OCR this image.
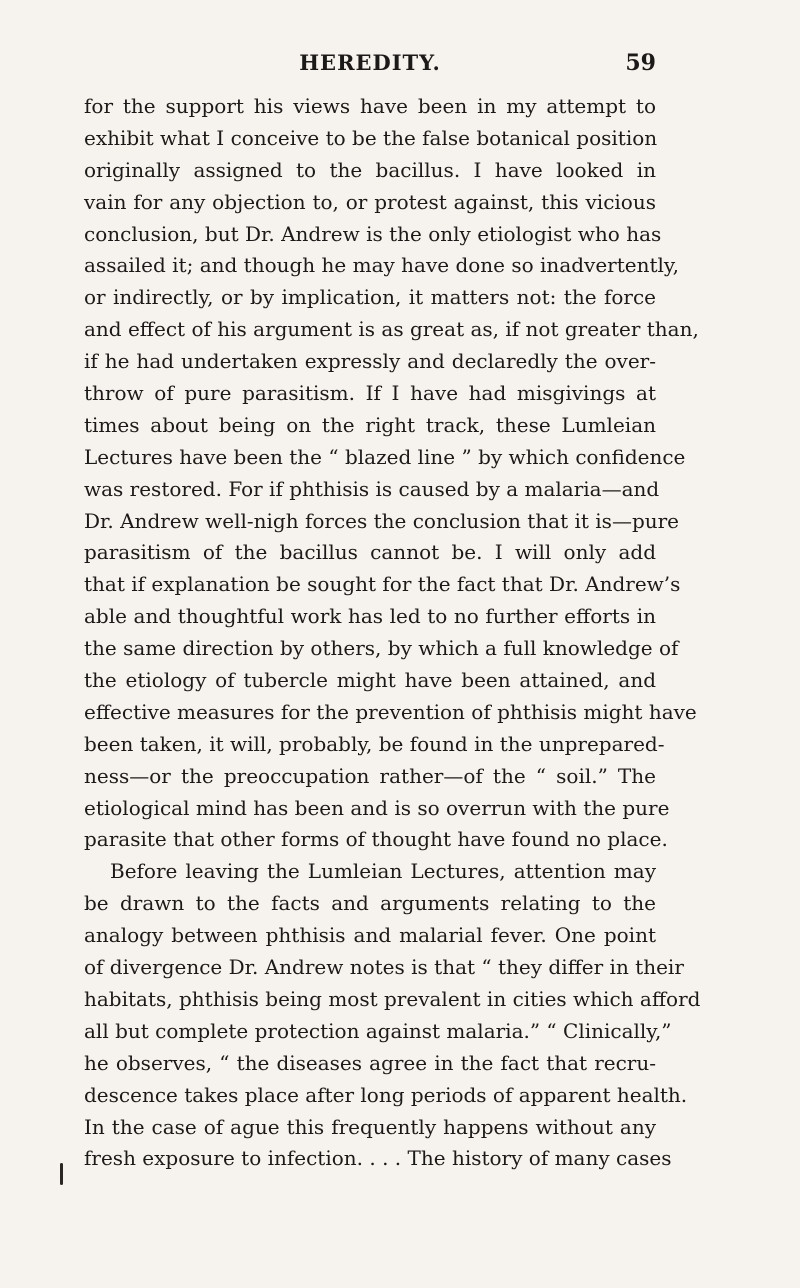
HEREDITY.	59
for the support his views have been in my attempt to
exhibit what I conceive to be the false botanical position
originally assigned to the bacillus. I have looked in
vain for any objection to, or protest against, this vicious
conclusion, but Dr. Andrew is the only etiologist who has
assailed it; and though he may have done so inadvertently,
or indirectly, or by implication, it matters not: the force
and effect of his argument is as great as, if not greater than,
if he had undertaken expressly and declaredly the over-
throw of pure parasitism. If I have had misgivings at
times about being on the right track, these Lumleian
Lectures have been the “ blazed line ” by which confidence
was restored. For if phthisis is caused by a malaria—and
Dr. Andrew well-nigh forces the conclusion that it is—pure
parasitism of the bacillus cannot be. I will only add
that if explanation be sought for the fact that Dr. Andrew’s
able and thoughtful work has led to no further efforts in
the same direction by others, by which a full knowledge of
the etiology of tubercle might have been attained, and
effective measures for the prevention of phthisis might have
been taken, it will, probably, be found in the unprepared-
ness—or the preoccupation rather—of the “ soil.” The
etiological mind has been and is so overrun with the pure
parasite that other forms of thought have found no place.
Before leaving the Lumleian Lectures, attention may
be drawn to the facts and arguments relating to the
analogy between phthisis and malarial fever. One point
of divergence Dr. Andrew notes is that “ they differ in their
habitats, phthisis being most prevalent in cities which afford
all but complete protection against malaria.” “ Clinically,”
he observes, “ the diseases agree in the fact that recru-
descence takes place after long periods of apparent health.
In the case of ague this frequently happens without any
fresh exposure to infection. . . . The history of many cases
